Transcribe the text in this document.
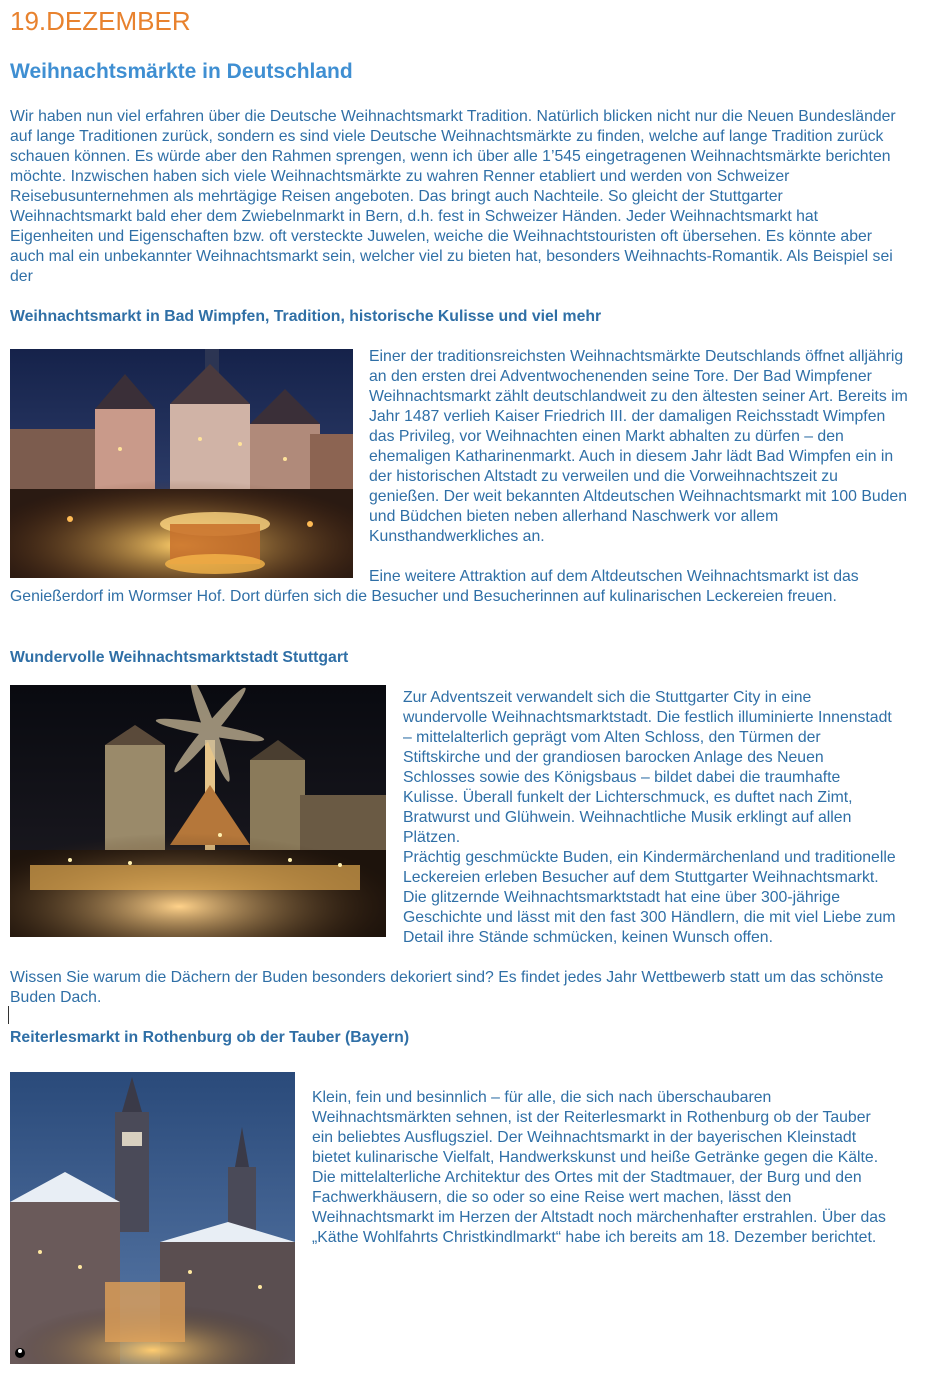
19.DEZEMBER
Weihnachtsmärkte in Deutschland

Wir haben nun viel erfahren über die Deutsche Weihnachtsmarkt Tradition. Natürlich blicken nicht nur die Neuen Bundesländer auf lange Traditionen zurück, sondern es sind viele Deutsche Weihnachtsmärkte zu finden, welche auf lange Tradition zurück schauen können. Es würde aber den Rahmen sprengen, wenn ich über alle 1’545 eingetragenen Weihnachtsmärkte berichten möchte. Inzwischen haben sich viele Weihnachtsmärkte zu wahren Renner etabliert und werden von Schweizer Reisebusunternehmen als mehrtägige Reisen angeboten. Das bringt auch Nachteile. So gleicht der Stuttgarter Weihnachtsmarkt bald eher dem Zwiebelnmarkt in Bern, d.h. fest in Schweizer Händen. Jeder Weihnachtsmarkt hat Eigenheiten und Eigenschaften bzw. oft versteckte Juwelen, weiche die Weihnachtstouristen oft übersehen. Es könnte aber auch mal ein unbekannter Weihnachtsmarkt sein, welcher viel zu bieten hat, besonders Weihnachts-Romantik. Als Beispiel sei der

Weihnachtsmarkt in Bad Wimpfen, Tradition, historische Kulisse und viel mehr

Einer der traditionsreichsten Weihnachtsmärkte Deutschlands öffnet alljährig an den ersten drei Adventwochenenden seine Tore. Der Bad Wimpfener Weihnachtsmarkt zählt deutschlandweit zu den ältesten seiner Art. Bereits im Jahr 1487 verlieh Kaiser Friedrich III. der damaligen Reichsstadt Wimpfen das Privileg, vor Weihnachten einen Markt abhalten zu dürfen – den ehemaligen Katharinenmarkt. Auch in diesem Jahr lädt Bad Wimpfen ein in der historischen Altstadt zu verweilen und die Vorweihnachtszeit zu genießen. Der weit bekannten Altdeutschen Weihnachtsmarkt mit 100 Buden und Büdchen bieten neben allerhand Naschwerk vor allem Kunsthandwerkliches an.

Eine weitere Attraktion auf dem Altdeutschen Weihnachtsmarkt ist das Genießerdorf im Wormser Hof. Dort dürfen sich die Besucher und Besucherinnen auf kulinarischen Leckereien freuen.

Wundervolle Weihnachtsmarktstadt Stuttgart

Zur Adventszeit verwandelt sich die Stuttgarter City in eine wundervolle Weihnachtsmarktstadt. Die festlich illuminierte Innenstadt – mittelalterlich geprägt vom Alten Schloss, den Türmen der Stiftskirche und der grandiosen barocken Anlage des Neuen Schlosses sowie des Königsbaus – bildet dabei die traumhafte Kulisse. Überall funkelt der Lichterschmuck, es duftet nach Zimt, Bratwurst und Glühwein. Weihnachtliche Musik erklingt auf allen Plätzen.

Prächtig geschmückte Buden, ein Kindermärchenland und traditionelle Leckereien erleben Besucher auf dem Stuttgarter Weihnachtsmarkt. Die glitzernde Weihnachtsmarktstadt hat eine über 300-jährige Geschichte und lässt mit den fast 300 Händlern, die mit viel Liebe zum Detail ihre Stände schmücken, keinen Wunsch offen.

Wissen Sie warum die Dächern der Buden besonders dekoriert sind? Es findet jedes Jahr Wettbewerb statt um das schönste Buden Dach.

Reiterlesmarkt in Rothenburg ob der Tauber (Bayern)

Klein, fein und besinnlich – für alle, die sich nach überschaubaren Weihnachtsmärkten sehnen, ist der Reiterlesmarkt in Rothenburg ob der Tauber ein beliebtes Ausflugsziel. Der Weihnachtsmarkt in der bayerischen Kleinstadt bietet kulinarische Vielfalt, Handwerkskunst und heiße Getränke gegen die Kälte. Die mittelalterliche Architektur des Ortes mit der Stadtmauer, der Burg und den Fachwerkhäusern, die so oder so eine Reise wert machen, lässt den Weihnachtsmarkt im Herzen der Altstadt noch märchenhafter erstrahlen. Über das „Käthe Wohlfahrts Christkindlmarkt“ habe ich bereits am 18. Dezember berichtet.
